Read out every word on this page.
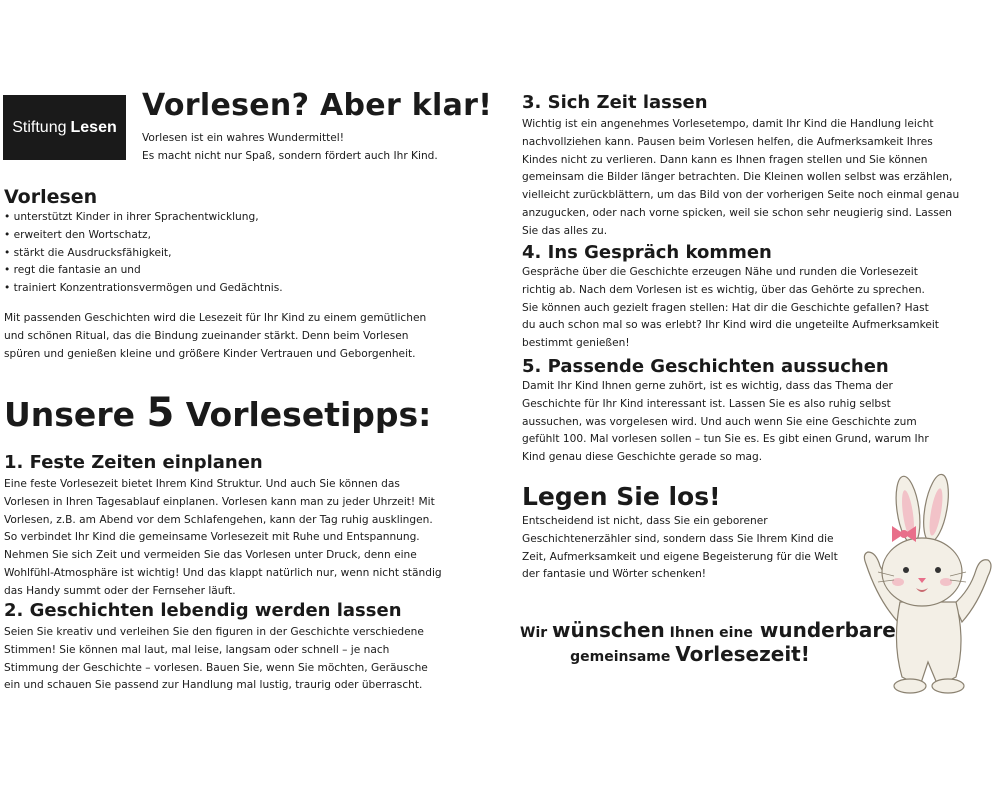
Stiftung Lesen
Vorlesen? Aber klar!

Vorlesen ist ein wahres Wundermittel!

Es macht nicht nur Spaß, sondern fördert auch Ihr Kind.

Vorlesen
• unterstützt Kinder in ihrer Sprachentwicklung,
• erweitert den Wortschatz,
• stärkt die Ausdrucksfähigkeit,
• regt die fantasie an und
• trainiert Konzentrationsvermögen und Gedächtnis.

Mit passenden Geschichten wird die Lesezeit für Ihr Kind zu einem gemütlichen und schönen Ritual, das die Bindung zueinander stärkt. Denn beim Vorlesen spüren und genießen kleine und größere Kinder Vertrauen und Geborgenheit.

Unsere 5 Vorlesetipps:
1. Feste Zeiten einplanen

Eine feste Vorlesezeit bietet Ihrem Kind Struktur. Und auch Sie können das Vorlesen in Ihren Tagesablauf einplanen. Vorlesen kann man zu jeder Uhrzeit! Mit Vorlesen, z.B. am Abend vor dem Schlafengehen, kann der Tag ruhig ausklingen. So verbindet Ihr Kind die gemeinsame Vorlesezeit mit Ruhe und Entspannung. Nehmen Sie sich Zeit und vermeiden Sie das Vorlesen unter Druck, denn eine Wohlfühl-Atmosphäre ist wichtig! Und das klappt natürlich nur, wenn nicht ständig das Handy summt oder der Fernseher läuft.

2. Geschichten lebendig werden lassen

Seien Sie kreativ und verleihen Sie den figuren in der Geschichte verschiedene Stimmen! Sie können mal laut, mal leise, langsam oder schnell – je nach Stimmung der Geschichte – vorlesen. Bauen Sie, wenn Sie möchten, Geräusche ein und schauen Sie passend zur Handlung mal lustig, traurig oder überrascht.

3. Sich Zeit lassen

Wichtig ist ein angenehmes Vorlesetempo, damit Ihr Kind die Handlung leicht nachvollziehen kann. Pausen beim Vorlesen helfen, die Aufmerksamkeit Ihres Kindes nicht zu verlieren. Dann kann es Ihnen fragen stellen und Sie können gemeinsam die Bilder länger betrachten. Die Kleinen wollen selbst was erzählen, vielleicht zurückblättern, um das Bild von der vorherigen Seite noch einmal genau anzugucken, oder nach vorne spicken, weil sie schon sehr neugierig sind. Lassen Sie das alles zu.

4. Ins Gespräch kommen

Gespräche über die Geschichte erzeugen Nähe und runden die Vorlesezeit richtig ab. Nach dem Vorlesen ist es wichtig, über das Gehörte zu sprechen. Sie können auch gezielt fragen stellen: Hat dir die Geschichte gefallen? Hast du auch schon mal so was erlebt? Ihr Kind wird die ungeteilte Aufmerksamkeit bestimmt genießen!

5. Passende Geschichten aussuchen

Damit Ihr Kind Ihnen gerne zuhört, ist es wichtig, dass das Thema der Geschichte für Ihr Kind interessant ist. Lassen Sie es also ruhig selbst aussuchen, was vorgelesen wird. Und auch wenn Sie eine Geschichte zum gefühlt 100. Mal vorlesen sollen – tun Sie es. Es gibt einen Grund, warum Ihr Kind genau diese Geschichte gerade so mag.

Legen Sie los!

Entscheidend ist nicht, dass Sie ein geborener Geschichtenerzähler sind, sondern dass Sie Ihrem Kind die Zeit, Aufmerksamkeit und eigene Begeisterung für die Welt der fantasie und Wörter schenken!

Wir wünschen Ihnen eine wunderbare
gemeinsame Vorlesezeit!
